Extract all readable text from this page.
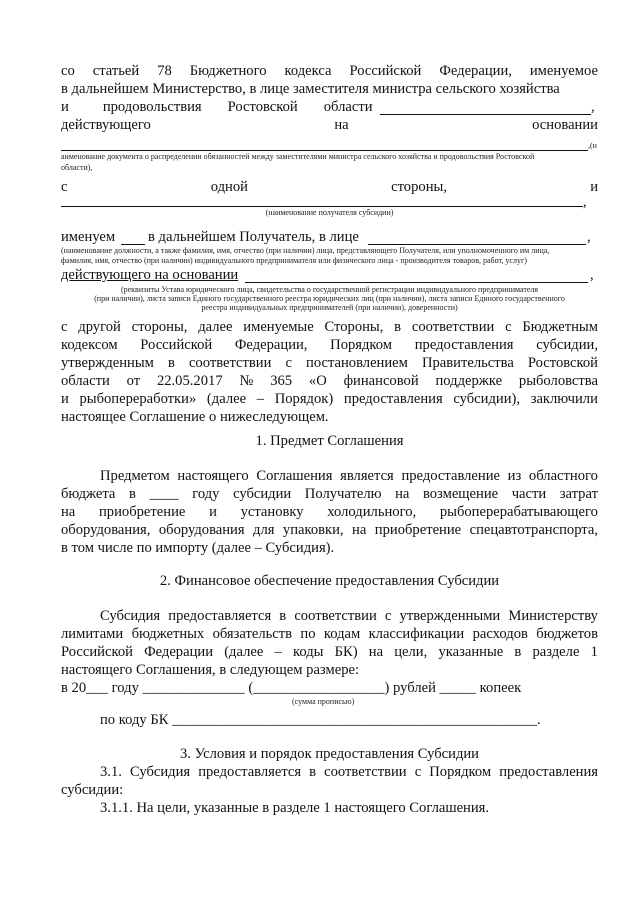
со статьей 78 Бюджетного кодекса Российской Федерации, именуемое
в дальнейшем Министерство, в лице заместителя министра сельского хозяйства
и продовольствия Ростовской области	,
действующего	на	основании
,(н
аименование документа о распределении обязанностей между заместителями министра сельского хозяйства и продовольствия Ростовской
области),
с	одной	стороны,	и
,
(наименование получателя субсидии)
именуем	в дальнейшем Получатель, в лице	,
(наименование должности, а также фамилия, имя, отчество (при наличии) лица, представляющего Получателя, или уполномоченного им лица,
фамилия, имя, отчество (при наличии) индивидуального предпринимателя или физического лица - производителя товаров, работ, услуг)
действующего на основании	,
(реквизиты Устава юридического лица, свидетельства о государственной регистрации индивидуального предпринимателя
(при наличии), листа записи Единого государственного реестра юридических лиц (при наличии), листа записи Единого государственного
реестра индивидуальных предпринимателей (при наличии), доверенности)
с другой стороны, далее именуемые Стороны, в соответствии с Бюджетным
кодексом Российской Федерации, Порядком предоставления субсидии,
утвержденным в соответствии с постановлением Правительства Ростовской
области от 22.05.2017 № 365 «О финансовой поддержке рыболовства
и рыбопереработки» (далее – Порядок) предоставления субсидии), заключили
настоящее Соглашение о нижеследующем.
1. Предмет Соглашения
Предметом настоящего Соглашения является предоставление из областного
бюджета в ____ году субсидии Получателю на возмещение части затрат
на приобретение и установку холодильного, рыбоперерабатывающего
оборудования, оборудования для упаковки, на приобретение спецавтотранспорта,
в том числе по импорту (далее – Субсидия).
2. Финансовое обеспечение предоставления Субсидии
Субсидия предоставляется в соответствии с утвержденными Министерству
лимитами бюджетных обязательств по кодам классификации расходов бюджетов
Российской Федерации (далее – коды БК) на цели, указанные в разделе 1
настоящего Соглашения, в следующем размере:
в 20___ году ______________ (__________________) рублей _____ копеек
(сумма прописью)
по коду БК __________________________________________________.
3. Условия и порядок предоставления Субсидии
3.1. Субсидия предоставляется в соответствии с Порядком предоставления
субсидии:
3.1.1. На цели, указанные в разделе 1 настоящего Соглашения.
